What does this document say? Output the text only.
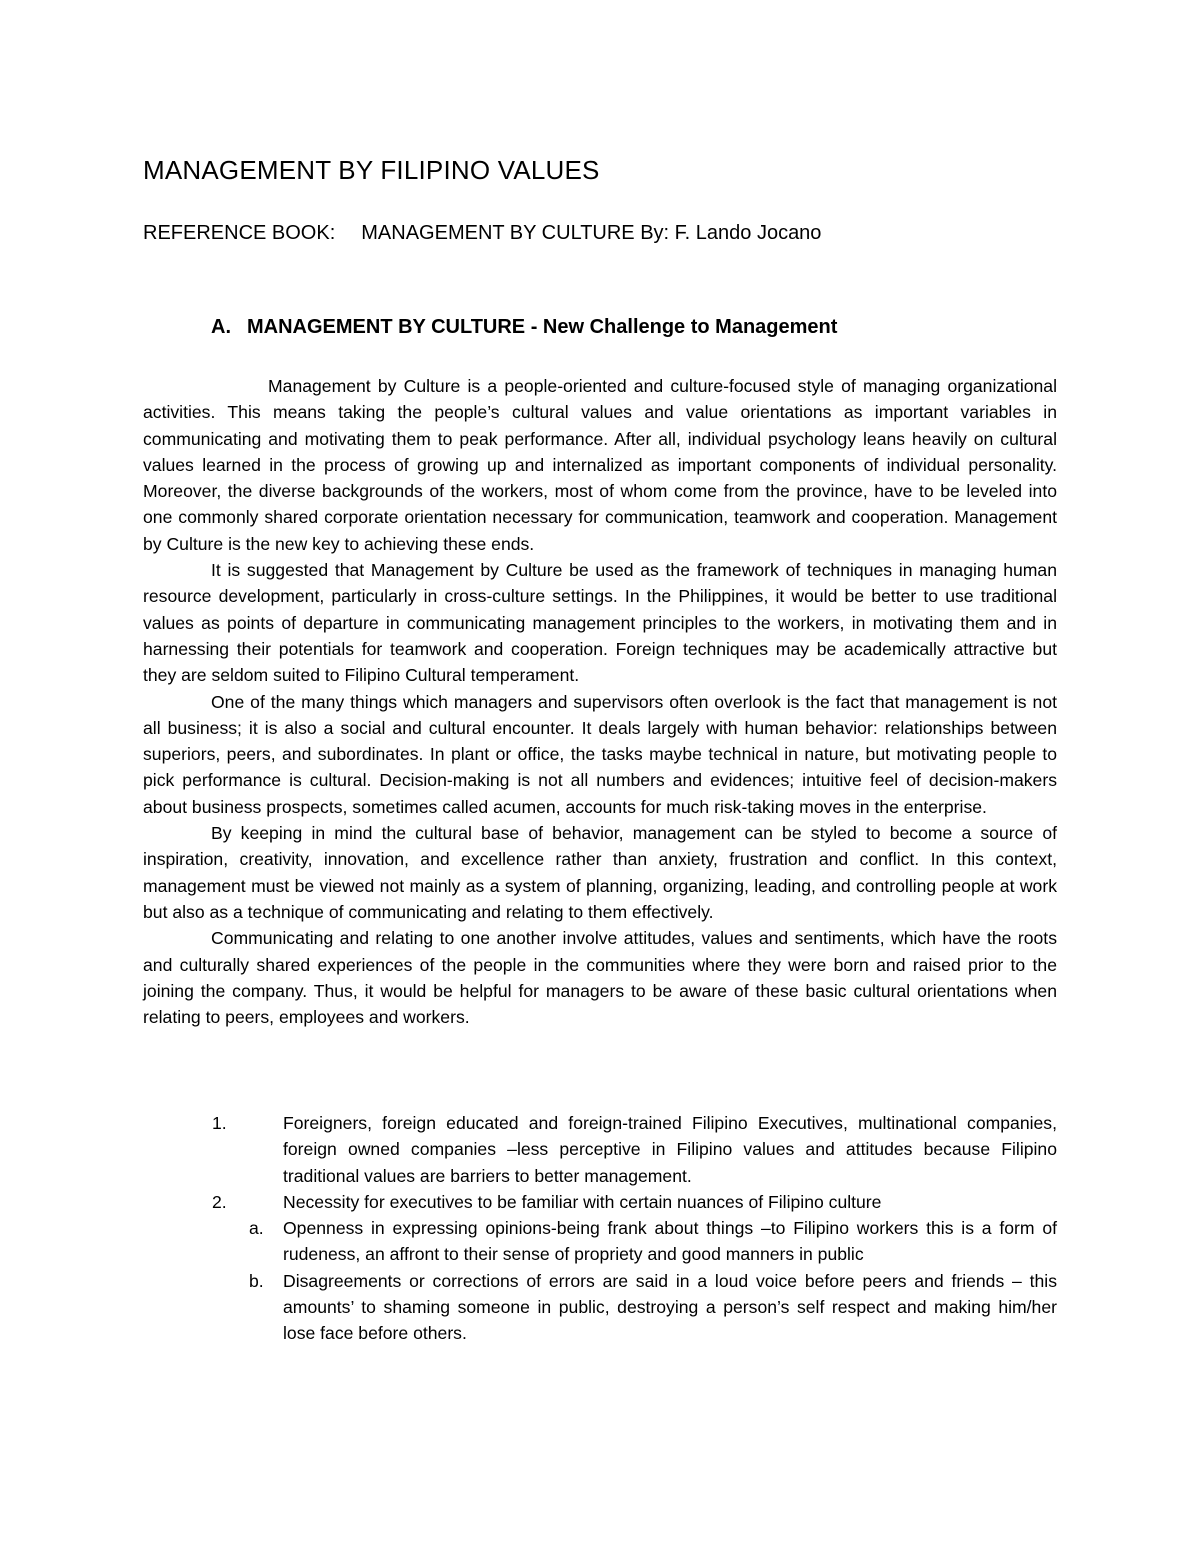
MANAGEMENT BY FILIPINO VALUES

REFERENCE BOOK: MANAGEMENT BY CULTURE By: F. Lando Jocano

A. MANAGEMENT BY CULTURE - New Challenge to Management

Management by Culture is a people-oriented and culture-focused style of managing organizational activities. This means taking the people’s cultural values and value orientations as important variables in communicating and motivating them to peak performance. After all, individual psychology leans heavily on cultural values learned in the process of growing up and internalized as important components of individual personality. Moreover, the diverse backgrounds of the workers, most of whom come from the province, have to be leveled into one commonly shared corporate orientation necessary for communication, teamwork and cooperation. Management by Culture is the new key to achieving these ends.

It is suggested that Management by Culture be used as the framework of techniques in managing human resource development, particularly in cross-culture settings. In the Philippines, it would be better to use traditional values as points of departure in communicating management principles to the workers, in motivating them and in harnessing their potentials for teamwork and cooperation. Foreign techniques may be academically attractive but they are seldom suited to Filipino Cultural temperament.

One of the many things which managers and supervisors often overlook is the fact that management is not all business; it is also a social and cultural encounter. It deals largely with human behavior: relationships between superiors, peers, and subordinates. In plant or office, the tasks maybe technical in nature, but motivating people to pick performance is cultural. Decision-making is not all numbers and evidences; intuitive feel of decision-makers about business prospects, sometimes called acumen, accounts for much risk-taking moves in the enterprise.

By keeping in mind the cultural base of behavior, management can be styled to become a source of inspiration, creativity, innovation, and excellence rather than anxiety, frustration and conflict. In this context, management must be viewed not mainly as a system of planning, organizing, leading, and controlling people at work but also as a technique of communicating and relating to them effectively.

Communicating and relating to one another involve attitudes, values and sentiments, which have the roots and culturally shared experiences of the people in the communities where they were born and raised prior to the joining the company. Thus, it would be helpful for managers to be aware of these basic cultural orientations when relating to peers, employees and workers.

1.	Foreigners, foreign educated and foreign-trained Filipino Executives, multinational companies, foreign owned companies –less perceptive in Filipino values and attitudes because Filipino traditional values are barriers to better management.
2.	Necessity for executives to be familiar with certain nuances of Filipino culture
a. Openness in expressing opinions-being frank about things –to Filipino workers this is a form of rudeness, an affront to their sense of propriety and good manners in public
b. Disagreements or corrections of errors are said in a loud voice before peers and friends – this amounts’ to shaming someone in public, destroying a person’s self respect and making him/her lose face before others.
